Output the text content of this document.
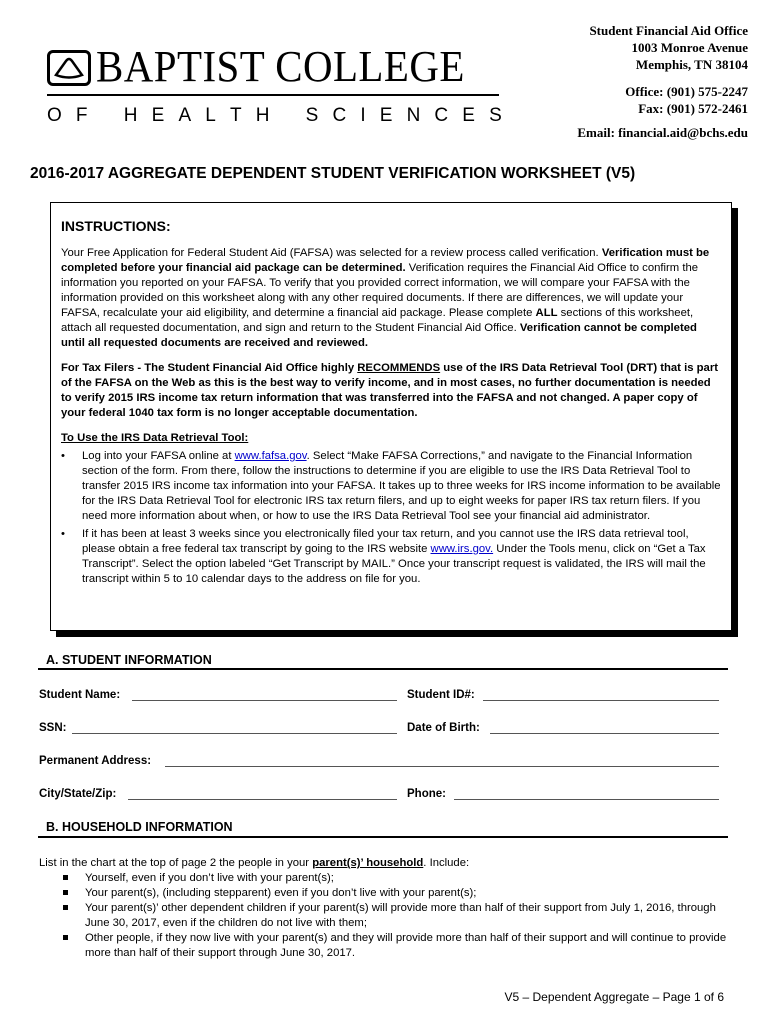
BAPTIST COLLEGE
O F H E A L T H S C I E N C E S
Student Financial Aid Office
1003 Monroe Avenue
Memphis, TN 38104
Office: (901) 575-2247
Fax: (901) 572-2461
Email: financial.aid@bchs.edu
2016-2017 AGGREGATE DEPENDENT STUDENT VERIFICATION WORKSHEET (V5)
INSTRUCTIONS:

Your Free Application for Federal Student Aid (FAFSA) was selected for a review process called verification. Verification must be completed before your financial aid package can be determined. Verification requires the Financial Aid Office to confirm the information you reported on your FAFSA. To verify that you provided correct information, we will compare your FAFSA with the information provided on this worksheet along with any other required documents. If there are differences, we will update your FAFSA, recalculate your aid eligibility, and determine a financial aid package. Please complete ALL sections of this worksheet, attach all requested documentation, and sign and return to the Student Financial Aid Office. Verification cannot be completed until all requested documents are received and reviewed.

For Tax Filers - The Student Financial Aid Office highly RECOMMENDS use of the IRS Data Retrieval Tool (DRT) that is part of the FAFSA on the Web as this is the best way to verify income, and in most cases, no further documentation is needed to verify 2015 IRS income tax return information that was transferred into the FAFSA and not changed. A paper copy of your federal 1040 tax form is no longer acceptable documentation.

To Use the IRS Data Retrieval Tool:
• Log into your FAFSA online at www.fafsa.gov. Select “Make FAFSA Corrections,” and navigate to the Financial Information section of the form. From there, follow the instructions to determine if you are eligible to use the IRS Data Retrieval Tool to transfer 2015 IRS income tax information into your FAFSA. It takes up to three weeks for IRS income information to be available for the IRS Data Retrieval Tool for electronic IRS tax return filers, and up to eight weeks for paper IRS tax return filers. If you need more information about when, or how to use the IRS Data Retrieval Tool see your financial aid administrator.
• If it has been at least 3 weeks since you electronically filed your tax return, and you cannot use the IRS data retrieval tool, please obtain a free federal tax transcript by going to the IRS website www.irs.gov. Under the Tools menu, click on “Get a Tax Transcript”. Select the option labeled “Get Transcript by MAIL.” Once your transcript request is validated, the IRS will mail the transcript within 5 to 10 calendar days to the address on file for you.
A. STUDENT INFORMATION
Student Name:	Student ID#:
SSN:	Date of Birth:
Permanent Address:
City/State/Zip:	Phone:
B. HOUSEHOLD INFORMATION
List in the chart at the top of page 2 the people in your parent(s)’ household. Include:
Yourself, even if you don’t live with your parent(s);
Your parent(s), (including stepparent) even if you don’t live with your parent(s);
Your parent(s)’ other dependent children if your parent(s) will provide more than half of their support from July 1, 2016, through June 30, 2017, even if the children do not live with them;
Other people, if they now live with your parent(s) and they will provide more than half of their support and will continue to provide more than half of their support through June 30, 2017.
V5 – Dependent Aggregate – Page 1 of 6
